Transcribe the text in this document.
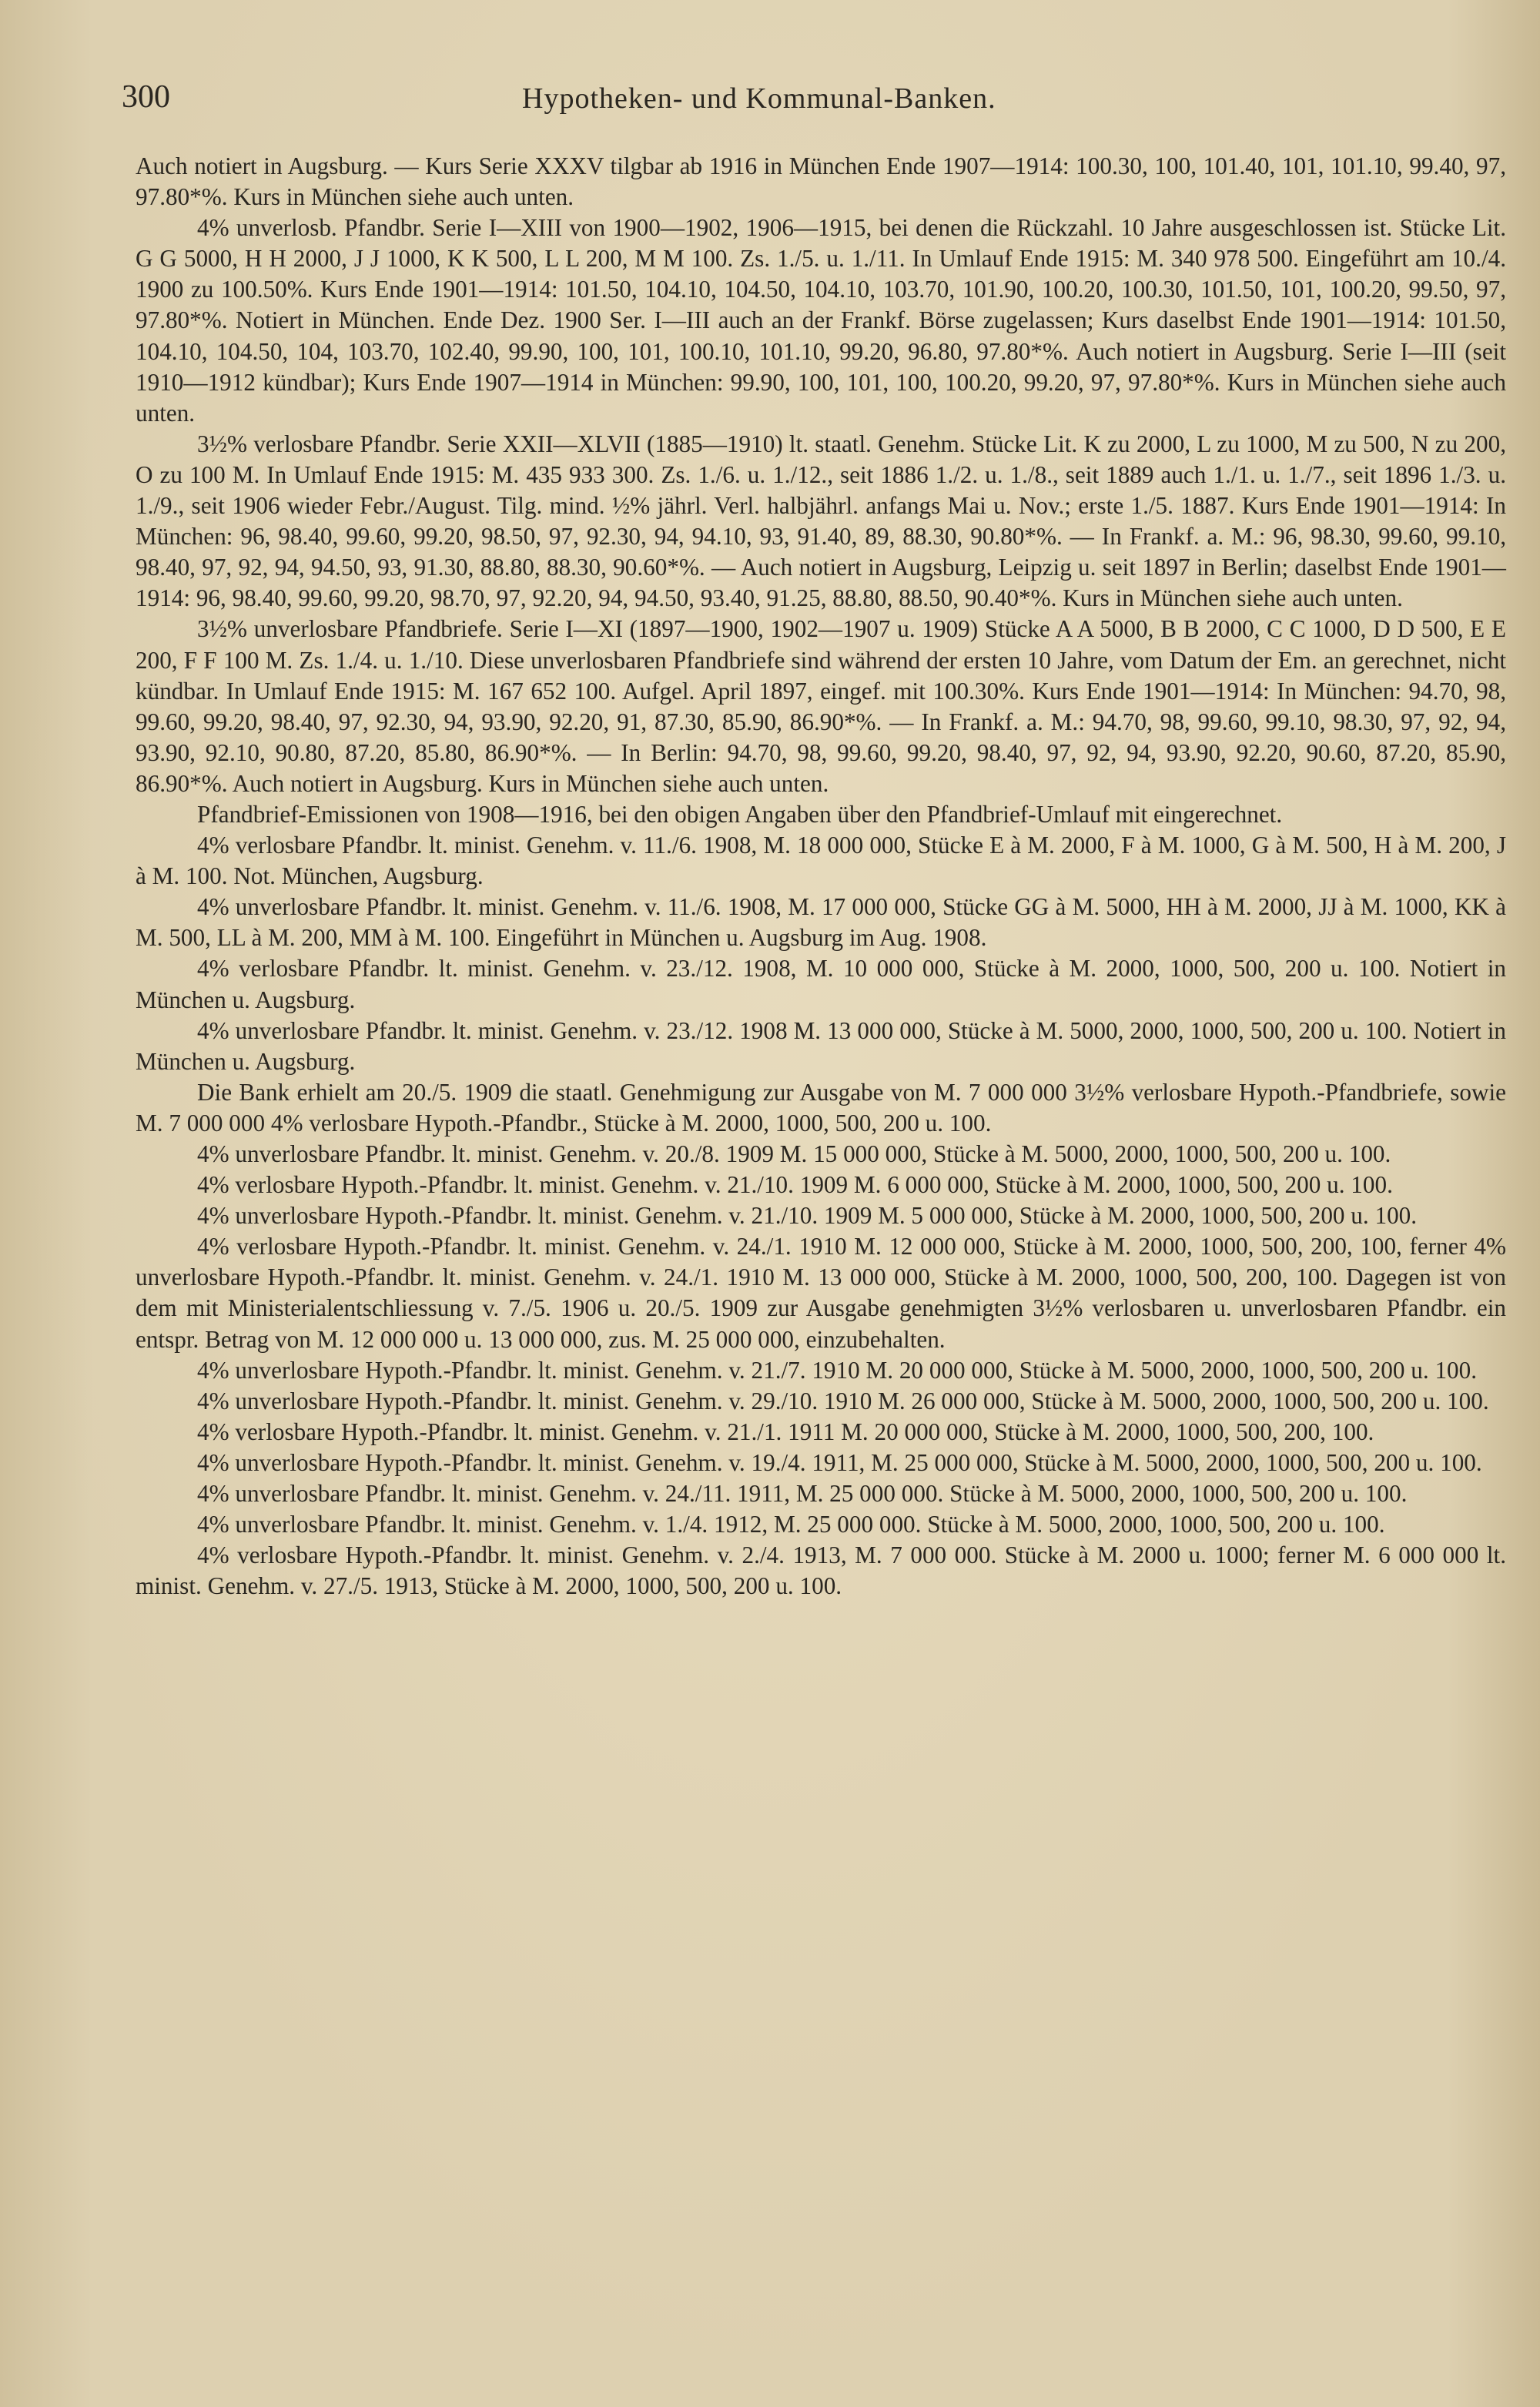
300	Hypotheken- und Kommunal-Banken.

Auch notiert in Augsburg. — Kurs Serie XXXV tilgbar ab 1916 in München Ende 1907—1914: 100.30, 100, 101.40, 101, 101.10, 99.40, 97, 97.80*%. Kurs in München siehe auch unten.

4% unverlosb. Pfandbr. Serie I—XIII von 1900—1902, 1906—1915, bei denen die Rückzahl. 10 Jahre ausgeschlossen ist. Stücke Lit. G G 5000, H H 2000, J J 1000, K K 500, L L 200, M M 100. Zs. 1./5. u. 1./11. In Umlauf Ende 1915: M. 340 978 500. Eingeführt am 10./4. 1900 zu 100.50%. Kurs Ende 1901—1914: 101.50, 104.10, 104.50, 104.10, 103.70, 101.90, 100.20, 100.30, 101.50, 101, 100.20, 99.50, 97, 97.80*%. Notiert in München. Ende Dez. 1900 Ser. I—III auch an der Frankf. Börse zugelassen; Kurs daselbst Ende 1901—1914: 101.50, 104.10, 104.50, 104, 103.70, 102.40, 99.90, 100, 101, 100.10, 101.10, 99.20, 96.80, 97.80*%. Auch notiert in Augsburg. Serie I—III (seit 1910—1912 kündbar); Kurs Ende 1907—1914 in München: 99.90, 100, 101, 100, 100.20, 99.20, 97, 97.80*%. Kurs in München siehe auch unten.

3½% verlosbare Pfandbr. Serie XXII—XLVII (1885—1910) lt. staatl. Genehm. Stücke Lit. K zu 2000, L zu 1000, M zu 500, N zu 200, O zu 100 M. In Umlauf Ende 1915: M. 435 933 300. Zs. 1./6. u. 1./12., seit 1886 1./2. u. 1./8., seit 1889 auch 1./1. u. 1./7., seit 1896 1./3. u. 1./9., seit 1906 wieder Febr./August. Tilg. mind. ½% jährl. Verl. halbjährl. anfangs Mai u. Nov.; erste 1./5. 1887. Kurs Ende 1901—1914: In München: 96, 98.40, 99.60, 99.20, 98.50, 97, 92.30, 94, 94.10, 93, 91.40, 89, 88.30, 90.80*%. — In Frankf. a. M.: 96, 98.30, 99.60, 99.10, 98.40, 97, 92, 94, 94.50, 93, 91.30, 88.80, 88.30, 90.60*%. — Auch notiert in Augsburg, Leipzig u. seit 1897 in Berlin; daselbst Ende 1901—1914: 96, 98.40, 99.60, 99.20, 98.70, 97, 92.20, 94, 94.50, 93.40, 91.25, 88.80, 88.50, 90.40*%. Kurs in München siehe auch unten.

3½% unverlosbare Pfandbriefe. Serie I—XI (1897—1900, 1902—1907 u. 1909) Stücke A A 5000, B B 2000, C C 1000, D D 500, E E 200, F F 100 M. Zs. 1./4. u. 1./10. Diese unverlosbaren Pfandbriefe sind während der ersten 10 Jahre, vom Datum der Em. an gerechnet, nicht kündbar. In Umlauf Ende 1915: M. 167 652 100. Aufgel. April 1897, eingef. mit 100.30%. Kurs Ende 1901—1914: In München: 94.70, 98, 99.60, 99.20, 98.40, 97, 92.30, 94, 93.90, 92.20, 91, 87.30, 85.90, 86.90*%. — In Frankf. a. M.: 94.70, 98, 99.60, 99.10, 98.30, 97, 92, 94, 93.90, 92.10, 90.80, 87.20, 85.80, 86.90*%. — In Berlin: 94.70, 98, 99.60, 99.20, 98.40, 97, 92, 94, 93.90, 92.20, 90.60, 87.20, 85.90, 86.90*%. Auch notiert in Augsburg. Kurs in München siehe auch unten.

Pfandbrief-Emissionen von 1908—1916, bei den obigen Angaben über den Pfandbrief-Umlauf mit eingerechnet.

4% verlosbare Pfandbr. lt. minist. Genehm. v. 11./6. 1908, M. 18 000 000, Stücke E à M. 2000, F à M. 1000, G à M. 500, H à M. 200, J à M. 100. Not. München, Augsburg.

4% unverlosbare Pfandbr. lt. minist. Genehm. v. 11./6. 1908, M. 17 000 000, Stücke GG à M. 5000, HH à M. 2000, JJ à M. 1000, KK à M. 500, LL à M. 200, MM à M. 100. Eingeführt in München u. Augsburg im Aug. 1908.

4% verlosbare Pfandbr. lt. minist. Genehm. v. 23./12. 1908, M. 10 000 000, Stücke à M. 2000, 1000, 500, 200 u. 100. Notiert in München u. Augsburg.

4% unverlosbare Pfandbr. lt. minist. Genehm. v. 23./12. 1908 M. 13 000 000, Stücke à M. 5000, 2000, 1000, 500, 200 u. 100. Notiert in München u. Augsburg.

Die Bank erhielt am 20./5. 1909 die staatl. Genehmigung zur Ausgabe von M. 7 000 000 3½% verlosbare Hypoth.-Pfandbriefe, sowie M. 7 000 000 4% verlosbare Hypoth.-Pfandbr., Stücke à M. 2000, 1000, 500, 200 u. 100.

4% unverlosbare Pfandbr. lt. minist. Genehm. v. 20./8. 1909 M. 15 000 000, Stücke à M. 5000, 2000, 1000, 500, 200 u. 100.

4% verlosbare Hypoth.-Pfandbr. lt. minist. Genehm. v. 21./10. 1909 M. 6 000 000, Stücke à M. 2000, 1000, 500, 200 u. 100.

4% unverlosbare Hypoth.-Pfandbr. lt. minist. Genehm. v. 21./10. 1909 M. 5 000 000, Stücke à M. 2000, 1000, 500, 200 u. 100.

4% verlosbare Hypoth.-Pfandbr. lt. minist. Genehm. v. 24./1. 1910 M. 12 000 000, Stücke à M. 2000, 1000, 500, 200, 100, ferner 4% unverlosbare Hypoth.-Pfandbr. lt. minist. Genehm. v. 24./1. 1910 M. 13 000 000, Stücke à M. 2000, 1000, 500, 200, 100. Dagegen ist von dem mit Ministerialentschliessung v. 7./5. 1906 u. 20./5. 1909 zur Ausgabe genehmigten 3½% verlosbaren u. unverlosbaren Pfandbr. ein entspr. Betrag von M. 12 000 000 u. 13 000 000, zus. M. 25 000 000, einzubehalten.

4% unverlosbare Hypoth.-Pfandbr. lt. minist. Genehm. v. 21./7. 1910 M. 20 000 000, Stücke à M. 5000, 2000, 1000, 500, 200 u. 100.

4% unverlosbare Hypoth.-Pfandbr. lt. minist. Genehm. v. 29./10. 1910 M. 26 000 000, Stücke à M. 5000, 2000, 1000, 500, 200 u. 100.

4% verlosbare Hypoth.-Pfandbr. lt. minist. Genehm. v. 21./1. 1911 M. 20 000 000, Stücke à M. 2000, 1000, 500, 200, 100.

4% unverlosbare Hypoth.-Pfandbr. lt. minist. Genehm. v. 19./4. 1911, M. 25 000 000, Stücke à M. 5000, 2000, 1000, 500, 200 u. 100.

4% unverlosbare Pfandbr. lt. minist. Genehm. v. 24./11. 1911, M. 25 000 000. Stücke à M. 5000, 2000, 1000, 500, 200 u. 100.

4% unverlosbare Pfandbr. lt. minist. Genehm. v. 1./4. 1912, M. 25 000 000. Stücke à M. 5000, 2000, 1000, 500, 200 u. 100.

4% verlosbare Hypoth.-Pfandbr. lt. minist. Genehm. v. 2./4. 1913, M. 7 000 000. Stücke à M. 2000 u. 1000; ferner M. 6 000 000 lt. minist. Genehm. v. 27./5. 1913, Stücke à M. 2000, 1000, 500, 200 u. 100.
